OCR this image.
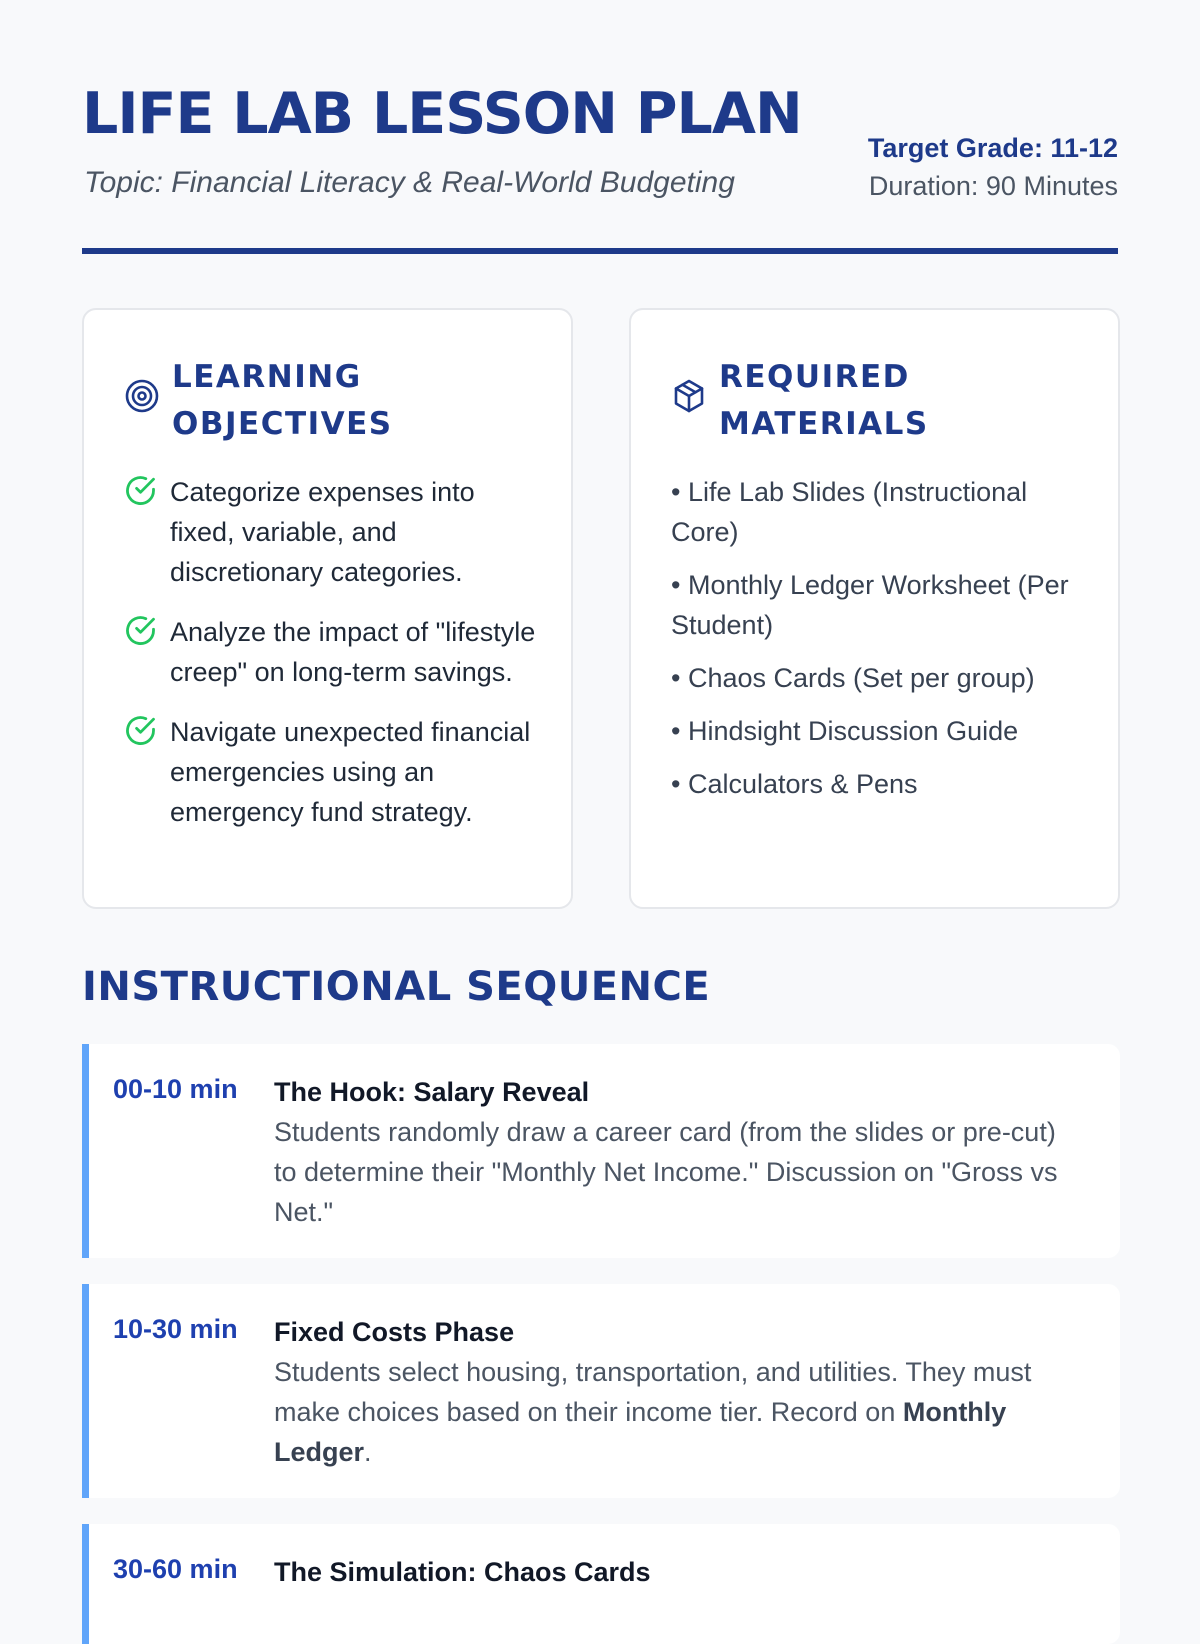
LIFE LAB LESSON PLAN
Topic: Financial Literacy & Real-World Budgeting
Target Grade: 11-12
Duration: 90 Minutes
LEARNING
OBJECTIVES
Categorize expenses into fixed, variable, and discretionary categories.
Analyze the impact of "lifestyle creep" on long-term savings.
Navigate unexpected financial emergencies using an emergency fund strategy.
REQUIRED
MATERIALS
• Life Lab Slides (Instructional Core)
• Monthly Ledger Worksheet (Per Student)
• Chaos Cards (Set per group)
• Hindsight Discussion Guide
• Calculators & Pens
INSTRUCTIONAL SEQUENCE
00-10 min The Hook: Salary Reveal
Students randomly draw a career card (from the slides or pre-cut) to determine their "Monthly Net Income." Discussion on "Gross vs Net."
10-30 min Fixed Costs Phase
Students select housing, transportation, and utilities. They must make choices based on their income tier. Record on Monthly Ledger.
30-60 min The Simulation: Chaos Cards
